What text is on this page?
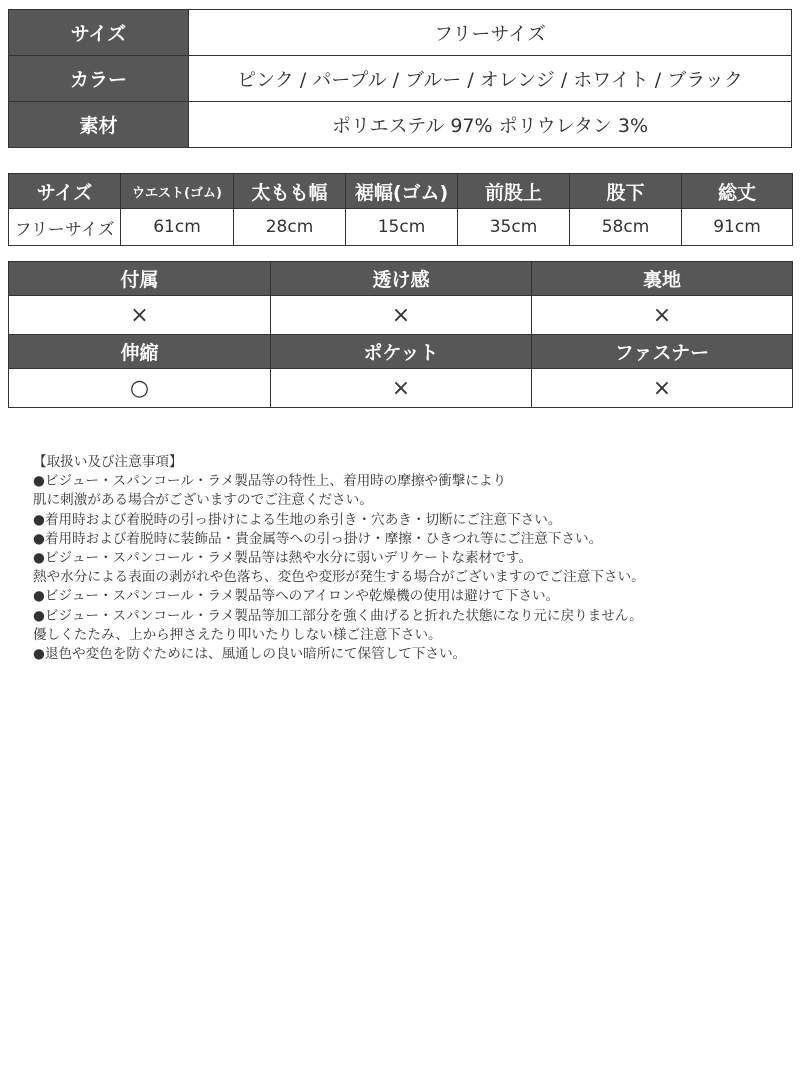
サイズ	フリーサイズ
カラー	ピンク / パープル / ブルー / オレンジ / ホワイト / ブラック
素材	ポリエステル 97% ポリウレタン 3%
サイズ	ウエスト(ゴム)	太もも幅	裾幅(ゴム)	前股上	股下	総丈
フリーサイズ	61cm	28cm	15cm	35cm	58cm	91cm
付属	透け感	裏地
×	×	×
伸縮	ポケット	ファスナー
○	×	×
【取扱い及び注意事項】
●ビジュー・スパンコール・ラメ製品等の特性上、着用時の摩擦や衝撃により
肌に刺激がある場合がございますのでご注意ください。
●着用時および着脱時の引っ掛けによる生地の糸引き・穴あき・切断にご注意下さい。
●着用時および着脱時に装飾品・貴金属等への引っ掛け・摩擦・ひきつれ等にご注意下さい。
●ビジュー・スパンコール・ラメ製品等は熱や水分に弱いデリケートな素材です。
熱や水分による表面の剥がれや色落ち、変色や変形が発生する場合がございますのでご注意下さい。
●ビジュー・スパンコール・ラメ製品等へのアイロンや乾燥機の使用は避けて下さい。
●ビジュー・スパンコール・ラメ製品等加工部分を強く曲げると折れた状態になり元に戻りません。
優しくたたみ、上から押さえたり叩いたりしない様ご注意下さい。
●退色や変色を防ぐためには、風通しの良い暗所にて保管して下さい。
